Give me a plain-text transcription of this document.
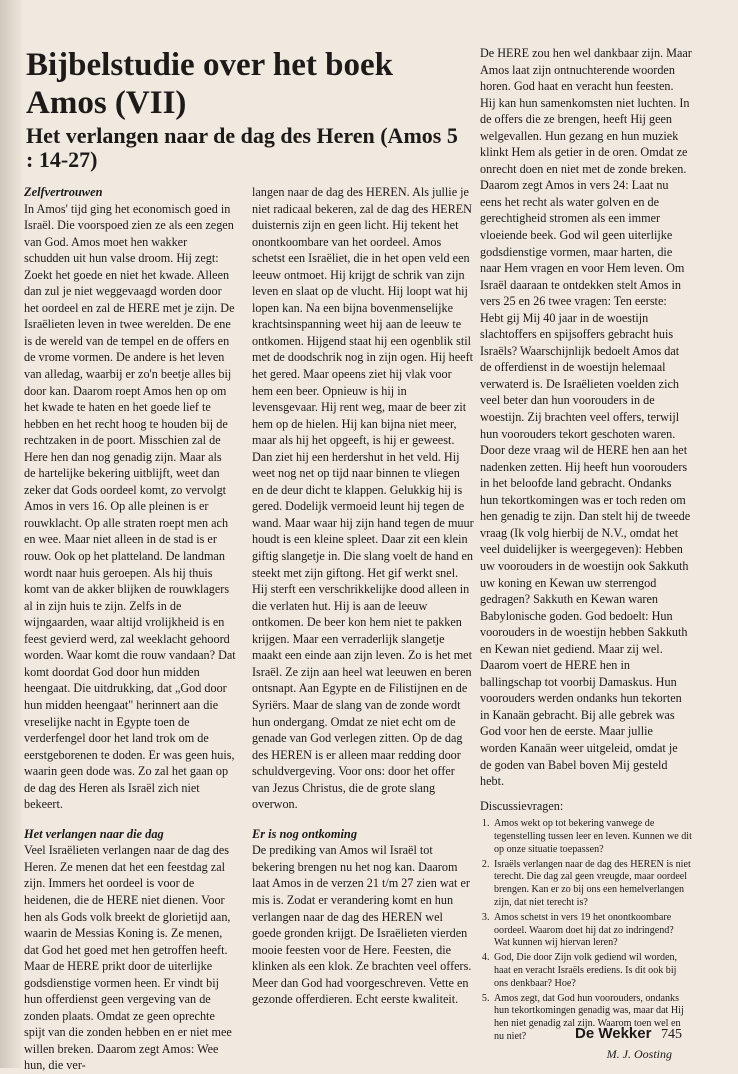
Bijbelstudie over het boek Amos (VII)
Het verlangen naar de dag des Heren (Amos 5 : 14-27)
Zelfvertrouwen

In Amos' tijd ging het economisch goed in Israël. Die voorspoed zien ze als een zegen van God. Amos moet hen wakker schudden uit hun valse droom. Hij zegt: Zoekt het goede en niet het kwade. Alleen dan zul je niet weggevaagd worden door het oordeel en zal de HERE met je zijn. De Israëlieten leven in twee werelden. De ene is de wereld van de tempel en de offers en de vrome vormen. De andere is het leven van alledag, waarbij er zo'n beetje alles bij door kan. Daarom roept Amos hen op om het kwade te haten en het goede lief te hebben en het recht hoog te houden bij de rechtzaken in de poort. Misschien zal de Here hen dan nog genadig zijn. Maar als de hartelijke bekering uitblijft, weet dan zeker dat Gods oordeel komt, zo vervolgt Amos in vers 16. Op alle pleinen is er rouwklacht. Op alle straten roept men ach en wee. Maar niet alleen in de stad is er rouw. Ook op het platteland. De landman wordt naar huis geroepen. Als hij thuis komt van de akker blijken de rouwklagers al in zijn huis te zijn. Zelfs in de wijngaarden, waar altijd vrolijkheid is en feest gevierd werd, zal weeklacht gehoord worden. Waar komt die rouw vandaan? Dat komt doordat God door hun midden heengaat. Die uitdrukking, dat „God door hun midden heengaat" herinnert aan die vreselijke nacht in Egypte toen de verderfengel door het land trok om de eerstgeborenen te doden. Er was geen huis, waarin geen dode was. Zo zal het gaan op de dag des Heren als Israël zich niet bekeert.

Het verlangen naar die dag

Veel Israëlieten verlangen naar de dag des Heren. Ze menen dat het een feestdag zal zijn. Immers het oordeel is voor de heidenen, die de HERE niet dienen. Voor hen als Gods volk breekt de glorietijd aan, waarin de Messias Koning is. Ze menen, dat God het goed met hen getroffen heeft. Maar de HERE prikt door de uiterlijke godsdienstige vormen heen. Er vindt bij hun offerdienst geen vergeving van de zonden plaats. Omdat ze geen oprechte spijt van die zonden hebben en er niet mee willen breken. Daarom zegt Amos: Wee hun, die ver-

langen naar de dag des HEREN. Als jullie je niet radicaal bekeren, zal de dag des HEREN duisternis zijn en geen licht. Hij tekent het onontkoombare van het oordeel. Amos schetst een Israëliet, die in het open veld een leeuw ontmoet. Hij krijgt de schrik van zijn leven en slaat op de vlucht. Hij loopt wat hij lopen kan. Na een bijna bovenmenselijke krachtsinspanning weet hij aan de leeuw te ontkomen. Hijgend staat hij een ogenblik stil met de doodschrik nog in zijn ogen. Hij heeft het gered. Maar opeens ziet hij vlak voor hem een beer. Opnieuw is hij in levensgevaar. Hij rent weg, maar de beer zit hem op de hielen. Hij kan bijna niet meer, maar als hij het opgeeft, is hij er geweest. Dan ziet hij een herdershut in het veld. Hij weet nog net op tijd naar binnen te vliegen en de deur dicht te klappen. Gelukkig hij is gered. Dodelijk vermoeid leunt hij tegen de wand. Maar waar hij zijn hand tegen de muur houdt is een kleine spleet. Daar zit een klein giftig slangetje in. Die slang voelt de hand en steekt met zijn giftong. Het gif werkt snel. Hij sterft een verschrikkelijke dood alleen in die verlaten hut. Hij is aan de leeuw ontkomen. De beer kon hem niet te pakken krijgen. Maar een verraderlijk slangetje maakt een einde aan zijn leven. Zo is het met Israël. Ze zijn aan heel wat leeuwen en beren ontsnapt. Aan Egypte en de Filistijnen en de Syriërs. Maar de slang van de zonde wordt hun ondergang. Omdat ze niet echt om de genade van God verlegen zitten. Op de dag des HEREN is er alleen maar redding door schuldvergeving. Voor ons: door het offer van Jezus Christus, die de grote slang overwon.

Er is nog ontkoming

De prediking van Amos wil Israël tot bekering brengen nu het nog kan. Daarom laat Amos in de verzen 21 t/m 27 zien wat er mis is. Zodat er verandering komt en hun verlangen naar de dag des HEREN wel goede gronden krijgt. De Israëlieten vierden mooie feesten voor de Here. Feesten, die klinken als een klok. Ze brachten veel offers. Meer dan God had voorgeschreven. Vette en gezonde offerdieren. Echt eerste kwaliteit.

De HERE zou hen wel dankbaar zijn. Maar Amos laat zijn ontnuchterende woorden horen. God haat en veracht hun feesten. Hij kan hun samenkomsten niet luchten. In de offers die ze brengen, heeft Hij geen welgevallen. Hun gezang en hun muziek klinkt Hem als getier in de oren. Omdat ze onrecht doen en niet met de zonde breken. Daarom zegt Amos in vers 24: Laat nu eens het recht als water golven en de gerechtigheid stromen als een immer vloeiende beek. God wil geen uiterlijke godsdienstige vormen, maar harten, die naar Hem vragen en voor Hem leven. Om Israël daaraan te ontdekken stelt Amos in vers 25 en 26 twee vragen: Ten eerste: Hebt gij Mij 40 jaar in de woestijn slachtoffers en spijsoffers gebracht huis Israëls? Waarschijnlijk bedoelt Amos dat de offerdienst in de woestijn helemaal verwaterd is. De Israëlieten voelden zich veel beter dan hun voorouders in de woestijn. Zij brachten veel offers, terwijl hun voorouders tekort geschoten waren. Door deze vraag wil de HERE hen aan het nadenken zetten. Hij heeft hun voorouders in het beloofde land gebracht. Ondanks hun tekortkomingen was er toch reden om hen genadig te zijn. Dan stelt hij de tweede vraag (Ik volg hierbij de N.V., omdat het veel duidelijker is weergegeven): Hebben uw voorouders in de woestijn ook Sakkuth uw koning en Kewan uw sterrengod gedragen? Sakkuth en Kewan waren Babylonische goden. God bedoelt: Hun voorouders in de woestijn hebben Sakkuth en Kewan niet gediend. Maar zij wel. Daarom voert de HERE hen in ballingschap tot voorbij Damaskus. Hun voorouders werden ondanks hun tekorten in Kanaän gebracht. Bij alle gebrek was God voor hen de eerste. Maar jullie worden Kanaän weer uitgeleid, omdat je de goden van Babel boven Mij gesteld hebt.

Discussievragen:

1. Amos wekt op tot bekering vanwege de tegenstelling tussen leer en leven. Kunnen we dit op onze situatie toepassen?
2. Israëls verlangen naar de dag des HEREN is niet terecht. Die dag zal geen vreugde, maar oordeel brengen. Kan er zo bij ons een hemelverlangen zijn, dat niet terecht is?
3. Amos schetst in vers 19 het onontkoombare oordeel. Waarom doet hij dat zo indringend? Wat kunnen wij hiervan leren?
4. God, Die door Zijn volk gediend wil worden, haat en veracht Israëls erediens. Is dit ook bij ons denkbaar? Hoe?
5. Amos zegt, dat God hun voorouders, ondanks hun tekortkomingen genadig was, maar dat Hij hen niet genadig zal zijn. Waarom toen wel en nu niet?

M. J. Oosting

De Wekker 745
